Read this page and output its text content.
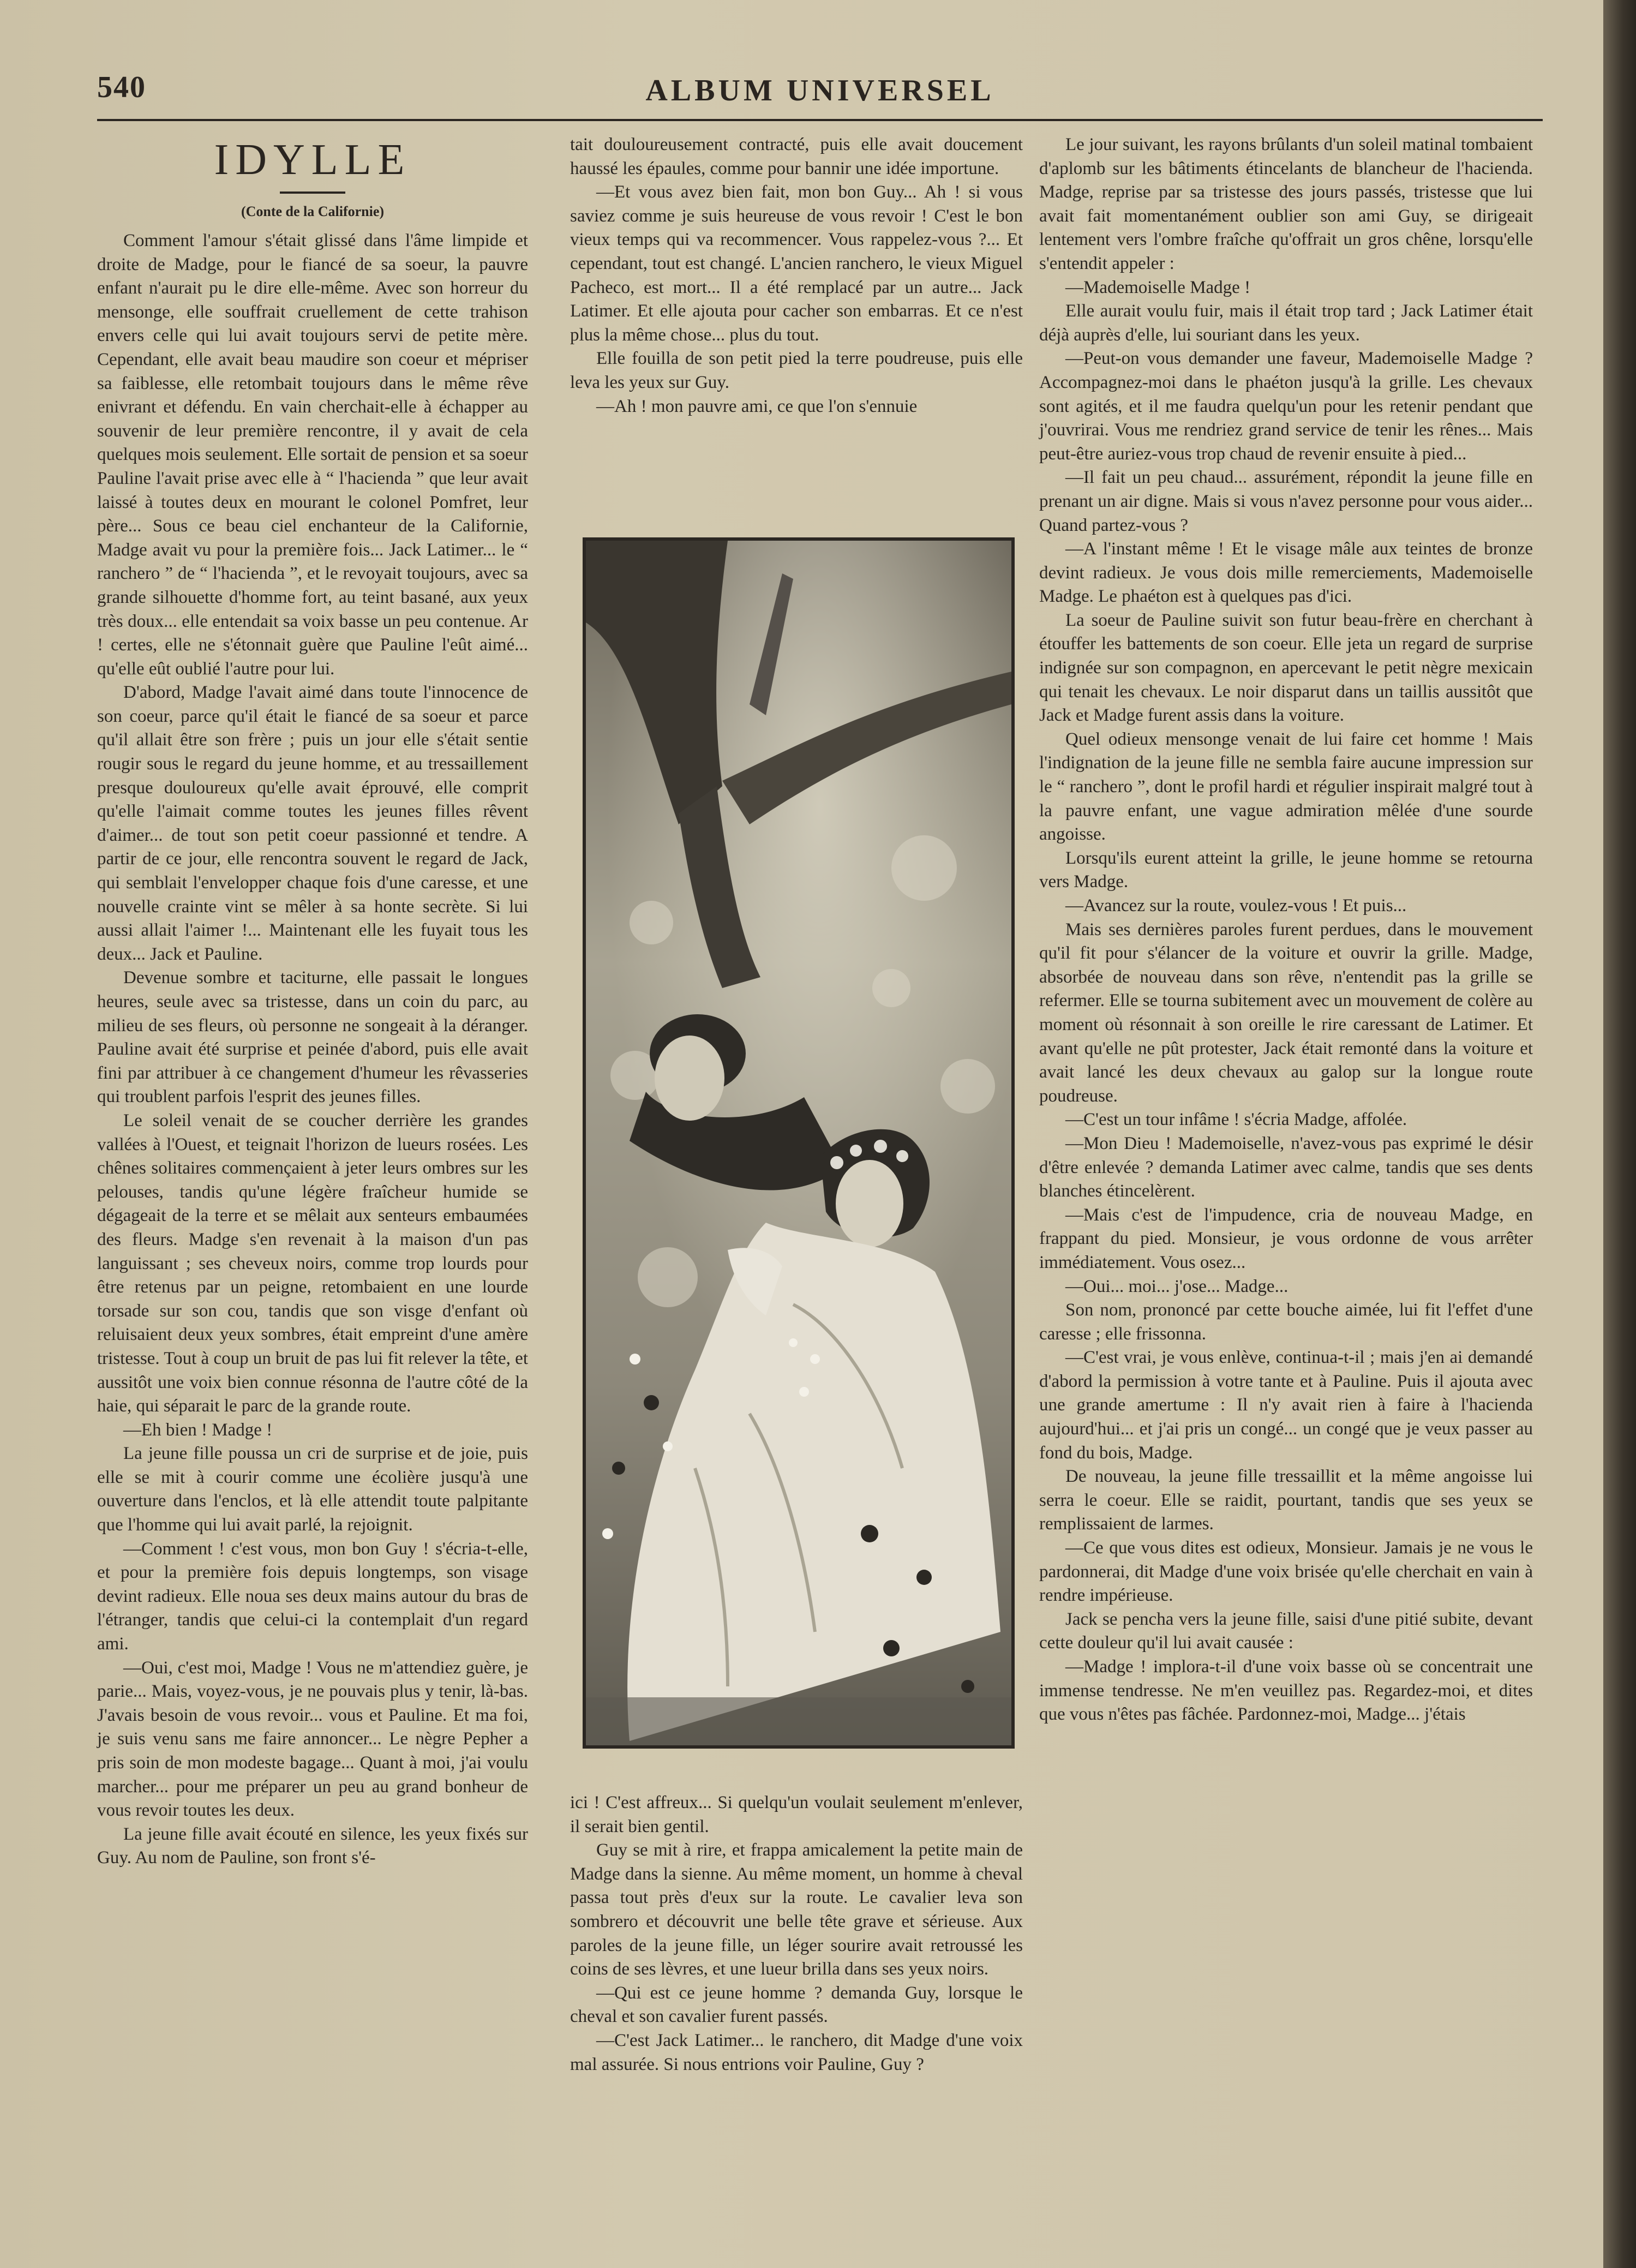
540	ALBUM UNIVERSEL
IDYLLE
(Conte de la Californie)

Comment l'amour s'était glissé dans l'âme limpide et droite de Madge, pour le fiancé de sa soeur, la pauvre enfant n'aurait pu le dire elle-même. Avec son horreur du mensonge, elle souffrait cruellement de cette trahison envers celle qui lui avait toujours servi de petite mère. Cependant, elle avait beau maudire son coeur et mépriser sa faiblesse, elle retombait toujours dans le même rêve enivrant et défendu. En vain cherchait-elle à échapper au souvenir de leur première rencontre, il y avait de cela quelques mois seulement. Elle sortait de pension et sa soeur Pauline l'avait prise avec elle à “ l'hacienda ” que leur avait laissé à toutes deux en mourant le colonel Pomfret, leur père... Sous ce beau ciel enchanteur de la Californie, Madge avait vu pour la première fois... Jack Latimer... le “ ranchero ” de “ l'hacienda ”, et le revoyait toujours, avec sa grande silhouette d'homme fort, au teint basané, aux yeux très doux... elle entendait sa voix basse un peu contenue. Ar ! certes, elle ne s'étonnait guère que Pauline l'eût aimé... qu'elle eût oublié l'autre pour lui.

D'abord, Madge l'avait aimé dans toute l'innocence de son coeur, parce qu'il était le fiancé de sa soeur et parce qu'il allait être son frère ; puis un jour elle s'était sentie rougir sous le regard du jeune homme, et au tressaillement presque douloureux qu'elle avait éprouvé, elle comprit qu'elle l'aimait comme toutes les jeunes filles rêvent d'aimer... de tout son petit coeur passionné et tendre. A partir de ce jour, elle rencontra souvent le regard de Jack, qui semblait l'envelopper chaque fois d'une caresse, et une nouvelle crainte vint se mêler à sa honte secrète. Si lui aussi allait l'aimer !... Maintenant elle les fuyait tous les deux... Jack et Pauline.

Devenue sombre et taciturne, elle passait le longues heures, seule avec sa tristesse, dans un coin du parc, au milieu de ses fleurs, où personne ne songeait à la déranger. Pauline avait été surprise et peinée d'abord, puis elle avait fini par attribuer à ce changement d'humeur les rêvasseries qui troublent parfois l'esprit des jeunes filles.

Le soleil venait de se coucher derrière les grandes vallées à l'Ouest, et teignait l'horizon de lueurs rosées. Les chênes solitaires commençaient à jeter leurs ombres sur les pelouses, tandis qu'une légère fraîcheur humide se dégageait de la terre et se mêlait aux senteurs embaumées des fleurs. Madge s'en revenait à la maison d'un pas languissant ; ses cheveux noirs, comme trop lourds pour être retenus par un peigne, retombaient en une lourde torsade sur son cou, tandis que son visge d'enfant où reluisaient deux yeux sombres, était empreint d'une amère tristesse. Tout à coup un bruit de pas lui fit relever la tête, et aussitôt une voix bien connue résonna de l'autre côté de la haie, qui séparait le parc de la grande route.

—Eh bien ! Madge !

La jeune fille poussa un cri de surprise et de joie, puis elle se mit à courir comme une écolière jusqu'à une ouverture dans l'enclos, et là elle attendit toute palpitante que l'homme qui lui avait parlé, la rejoignit.

—Comment ! c'est vous, mon bon Guy ! s'écria-t-elle, et pour la première fois depuis longtemps, son visage devint radieux. Elle noua ses deux mains autour du bras de l'étranger, tandis que celui-ci la contemplait d'un regard ami.

—Oui, c'est moi, Madge ! Vous ne m'attendiez guère, je parie... Mais, voyez-vous, je ne pouvais plus y tenir, là-bas. J'avais besoin de vous revoir... vous et Pauline. Et ma foi, je suis venu sans me faire annoncer... Le nègre Pepher a pris soin de mon modeste bagage... Quant à moi, j'ai voulu marcher... pour me préparer un peu au grand bonheur de vous revoir toutes les deux.

La jeune fille avait écouté en silence, les yeux fixés sur Guy. Au nom de Pauline, son front s'é-

tait douloureusement contracté, puis elle avait doucement haussé les épaules, comme pour bannir une idée importune.

—Et vous avez bien fait, mon bon Guy... Ah ! si vous saviez comme je suis heureuse de vous revoir ! C'est le bon vieux temps qui va recommencer. Vous rappelez-vous ?... Et cependant, tout est changé. L'ancien ranchero, le vieux Miguel Pacheco, est mort... Il a été remplacé par un autre... Jack Latimer. Et elle ajouta pour cacher son embarras. Et ce n'est plus la même chose... plus du tout.

Elle fouilla de son petit pied la terre poudreuse, puis elle leva les yeux sur Guy.

—Ah ! mon pauvre ami, ce que l'on s'ennuie

ici ! C'est affreux... Si quelqu'un voulait seulement m'enlever, il serait bien gentil.

Guy se mit à rire, et frappa amicalement la petite main de Madge dans la sienne. Au même moment, un homme à cheval passa tout près d'eux sur la route. Le cavalier leva son sombrero et découvrit une belle tête grave et sérieuse. Aux paroles de la jeune fille, un léger sourire avait retroussé les coins de ses lèvres, et une lueur brilla dans ses yeux noirs.

—Qui est ce jeune homme ? demanda Guy, lorsque le cheval et son cavalier furent passés.

—C'est Jack Latimer... le ranchero, dit Madge d'une voix mal assurée. Si nous entrions voir Pauline, Guy ?

Le jour suivant, les rayons brûlants d'un soleil matinal tombaient d'aplomb sur les bâtiments étincelants de blancheur de l'hacienda. Madge, reprise par sa tristesse des jours passés, tristesse que lui avait fait momentanément oublier son ami Guy, se dirigeait lentement vers l'ombre fraîche qu'offrait un gros chêne, lorsqu'elle s'entendit appeler :

—Mademoiselle Madge !

Elle aurait voulu fuir, mais il était trop tard ; Jack Latimer était déjà auprès d'elle, lui souriant dans les yeux.

—Peut-on vous demander une faveur, Mademoiselle Madge ? Accompagnez-moi dans le phaéton jusqu'à la grille. Les chevaux sont agités, et il me faudra quelqu'un pour les retenir pendant que j'ouvrirai. Vous me rendriez grand service de tenir les rênes... Mais peut-être auriez-vous trop chaud de revenir ensuite à pied...

—Il fait un peu chaud... assurément, répondit la jeune fille en prenant un air digne. Mais si vous n'avez personne pour vous aider... Quand partez-vous ?

—A l'instant même ! Et le visage mâle aux teintes de bronze devint radieux. Je vous dois mille remerciements, Mademoiselle Madge. Le phaéton est à quelques pas d'ici.

La soeur de Pauline suivit son futur beau-frère en cherchant à étouffer les battements de son coeur. Elle jeta un regard de surprise indignée sur son compagnon, en apercevant le petit nègre mexicain qui tenait les chevaux. Le noir disparut dans un taillis aussitôt que Jack et Madge furent assis dans la voiture.

Quel odieux mensonge venait de lui faire cet homme ! Mais l'indignation de la jeune fille ne sembla faire aucune impression sur le “ ranchero ”, dont le profil hardi et régulier inspirait malgré tout à la pauvre enfant, une vague admiration mêlée d'une sourde angoisse.

Lorsqu'ils eurent atteint la grille, le jeune homme se retourna vers Madge.

—Avancez sur la route, voulez-vous ! Et puis...

Mais ses dernières paroles furent perdues, dans le mouvement qu'il fit pour s'élancer de la voiture et ouvrir la grille. Madge, absorbée de nouveau dans son rêve, n'entendit pas la grille se refermer. Elle se tourna subitement avec un mouvement de colère au moment où résonnait à son oreille le rire caressant de Latimer. Et avant qu'elle ne pût protester, Jack était remonté dans la voiture et avait lancé les deux chevaux au galop sur la longue route poudreuse.

—C'est un tour infâme ! s'écria Madge, affolée.

—Mon Dieu ! Mademoiselle, n'avez-vous pas exprimé le désir d'être enlevée ? demanda Latimer avec calme, tandis que ses dents blanches étincelèrent.

—Mais c'est de l'impudence, cria de nouveau Madge, en frappant du pied. Monsieur, je vous ordonne de vous arrêter immédiatement. Vous osez...

—Oui... moi... j'ose... Madge...

Son nom, prononcé par cette bouche aimée, lui fit l'effet d'une caresse ; elle frissonna.

—C'est vrai, je vous enlève, continua-t-il ; mais j'en ai demandé d'abord la permission à votre tante et à Pauline. Puis il ajouta avec une grande amertume : Il n'y avait rien à faire à l'hacienda aujourd'hui... et j'ai pris un congé... un congé que je veux passer au fond du bois, Madge.

De nouveau, la jeune fille tressaillit et la même angoisse lui serra le coeur. Elle se raidit, pourtant, tandis que ses yeux se remplissaient de larmes.

—Ce que vous dites est odieux, Monsieur. Jamais je ne vous le pardonnerai, dit Madge d'une voix brisée qu'elle cherchait en vain à rendre impérieuse.

Jack se pencha vers la jeune fille, saisi d'une pitié subite, devant cette douleur qu'il lui avait causée :

—Madge ! implora-t-il d'une voix basse où se concentrait une immense tendresse. Ne m'en veuillez pas. Regardez-moi, et dites que vous n'êtes pas fâchée. Pardonnez-moi, Madge... j'étais
